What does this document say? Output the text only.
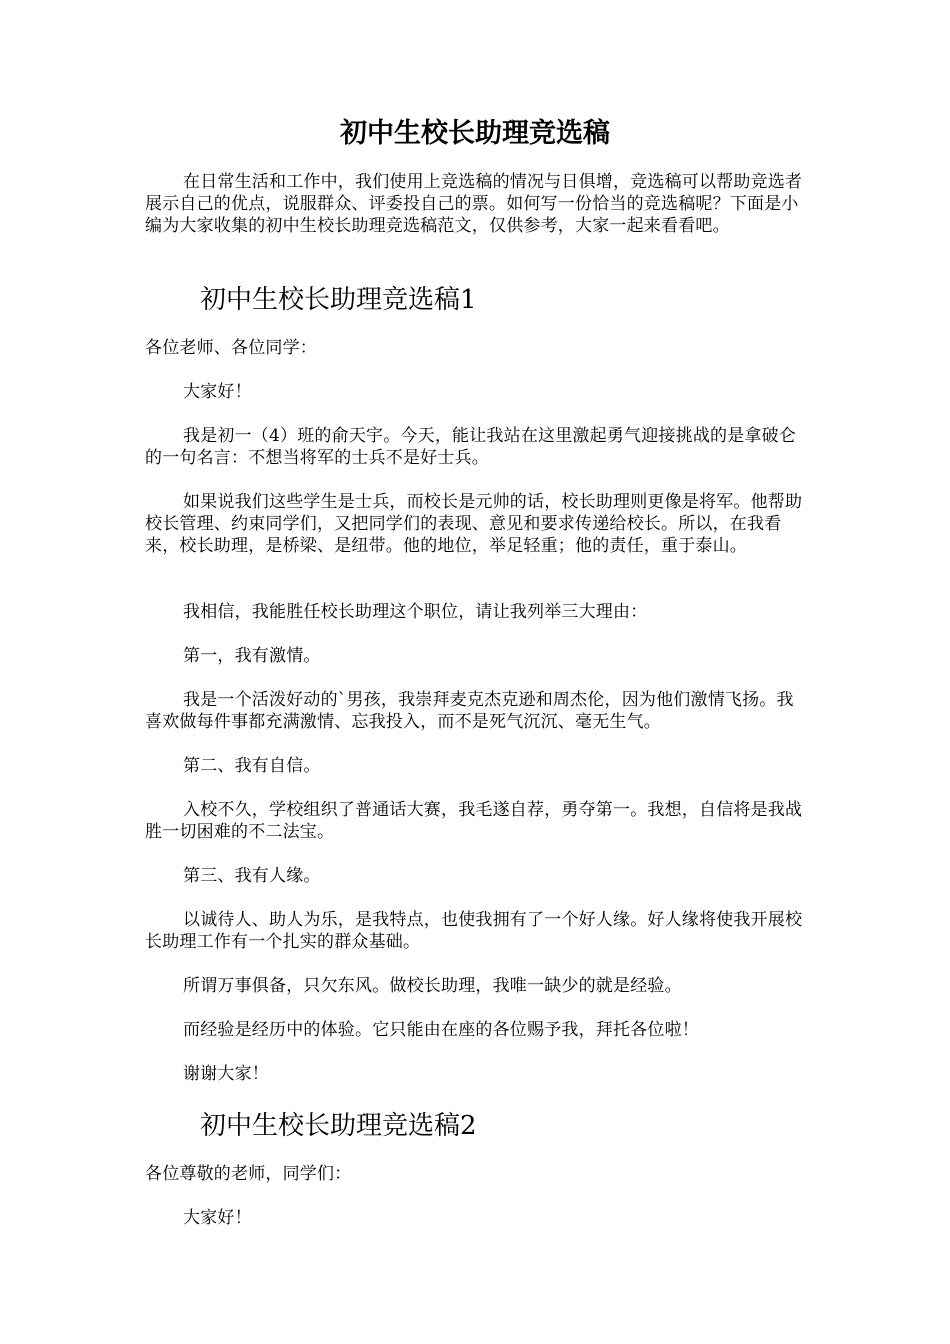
初中生校长助理竞选稿

在日常生活和工作中，我们使用上竞选稿的情况与日俱增，竞选稿可以帮助竞选者展示自己的优点，说服群众、评委投自己的票。如何写一份恰当的竞选稿呢？下面是小编为大家收集的初中生校长助理竞选稿范文，仅供参考，大家一起来看看吧。

初中生校长助理竞选稿1

各位老师、各位同学：

大家好！

我是初一（4）班的俞天宇。今天，能让我站在这里激起勇气迎接挑战的是拿破仑的一句名言：不想当将军的士兵不是好士兵。

如果说我们这些学生是士兵，而校长是元帅的话，校长助理则更像是将军。他帮助校长管理、约束同学们，又把同学们的表现、意见和要求传递给校长。所以，在我看来，校长助理，是桥梁、是纽带。他的地位，举足轻重；他的责任，重于泰山。

我相信，我能胜任校长助理这个职位，请让我列举三大理由：

第一，我有激情。

我是一个活泼好动的`男孩，我崇拜麦克杰克逊和周杰伦，因为他们激情飞扬。我喜欢做每件事都充满激情、忘我投入，而不是死气沉沉、毫无生气。

第二、我有自信。

入校不久，学校组织了普通话大赛，我毛遂自荐，勇夺第一。我想，自信将是我战胜一切困难的不二法宝。

第三、我有人缘。

以诚待人、助人为乐，是我特点，也使我拥有了一个好人缘。好人缘将使我开展校长助理工作有一个扎实的群众基础。

所谓万事俱备，只欠东风。做校长助理，我唯一缺少的就是经验。

而经验是经历中的体验。它只能由在座的各位赐予我，拜托各位啦！

谢谢大家！

初中生校长助理竞选稿2

各位尊敬的老师，同学们：

大家好！
